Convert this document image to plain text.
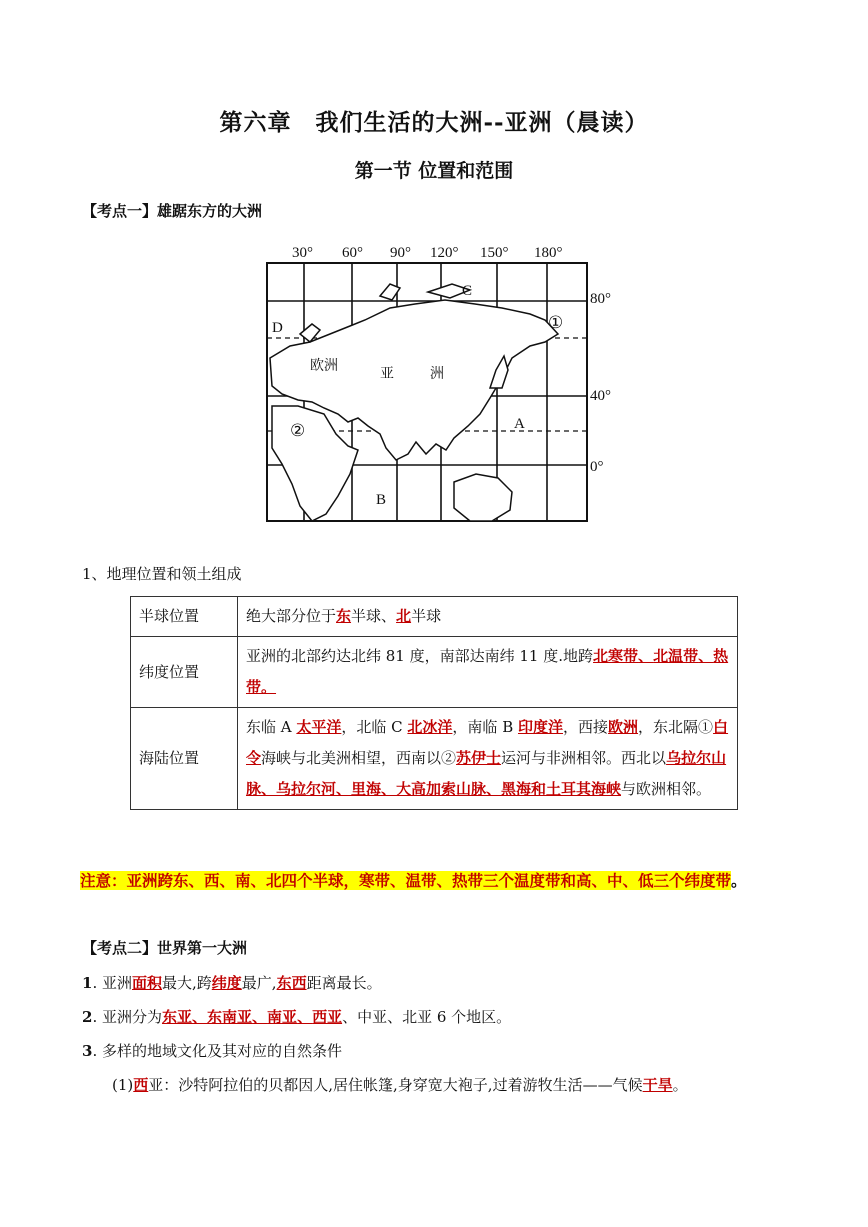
第六章　我们生活的大洲--亚洲（晨读）
第一节 位置和范围
【考点一】雄踞东方的大洲
30° 60° 90° 120° 150° 180°
80°
40°
0°
C
D
A
B
①
②
欧洲
亚	洲
1、地理位置和领土组成
半球位置	绝大部分位于东半球、北半球
纬度位置	亚洲的北部约达北纬 81 度，南部达南纬 11 度.地跨北寒带、北温带、热带。
海陆位置	东临 A 太平洋，北临 C 北冰洋，南临 B 印度洋，西接欧洲，东北隔①白令海峡与北美洲相望，西南以②苏伊士运河与非洲相邻。西北以乌拉尔山脉、乌拉尔河、里海、大高加索山脉、黑海和土耳其海峡与欧洲相邻。
注意：亚洲跨东、西、南、北四个半球，寒带、温带、热带三个温度带和高、中、低三个纬度带。
【考点二】世界第一大洲
1. 亚洲面积最大,跨纬度最广,东西距离最长。
2. 亚洲分为东亚、东南亚、南亚、西亚、中亚、北亚 6 个地区。
3. 多样的地域文化及其对应的自然条件
(1)西亚：沙特阿拉伯的贝都因人,居住帐篷,身穿宽大袍子,过着游牧生活——气候干旱。
